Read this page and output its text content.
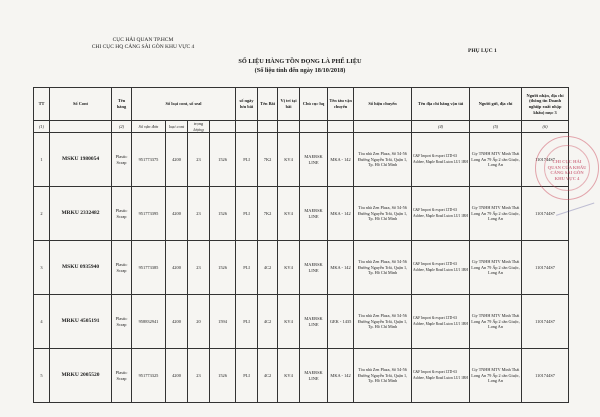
CỤC HẢI QUAN TP.HCM
CHI CỤC HQ CẢNG SÀI GÒN KHU VỰC 4
PHỤ LỤC 1
SỐ LIỆU HÀNG TỒN ĐỌNG LÀ PHẾ LIỆU
(Số liệu tính đến ngày 18/10/2018)
TT	Số Cont	Tên hàng	Số loại cont, số seal				số ngày lưu bãi	Tên Bãi	Vị trí tại bãi	Chủ cục hq	Tên tàu vận chuyển	Số hiệu chuyến	Tên địa chỉ hãng vận tải	Người gửi, địa chỉ	Người nhận, địa chỉ (thông tin Doanh nghiệp xuất nhập khẩu) mục 3	
(1)		(2)	Số vận đơn	loại cont	trọng lượng								(4)	(5)	(6)	
1	MSKU 1980054	Plastic Scrap	951773375	4200	23	1526	PLI	7K2	KV4	MAERSK LINE	MKA - 142	Tòa nhà Zen Plaza, Số 54-56 Đường Nguyễn Trãi, Quận 1, Tp. Hồ Chí Minh	C&F Import & export LTD-63 Ashbee, Maple Road Luton LU1 1BH	Cty TNHH MTV Minh Thái Long An 79 Ấp 2 cần Giuộc, Long An	1101744S7	
2	MRKU 2332482	Plastic Scrap	951773395	4200	23	1526	PLI	7K2	KV4	MAERSK LINE	MKA - 142	Tòa nhà Zen Plaza, Số 54-56 Đường Nguyễn Trãi, Quận 1, Tp. Hồ Chí Minh	C&F Import & export LTD-63 Ashbee, Maple Road Luton LU1 1BH	Cty TNHH MTV Minh Thái Long An 79 Ấp 2 cần Giuộc, Long An	1101744S7	
3	MSKU 0935940	Plastic Scrap	951773385	4200	23	1526	PLI	4C2	KV4	MAERSK LINE	MKA - 142	Tòa nhà Zen Plaza, Số 54-56 Đường Nguyễn Trãi, Quận 1, Tp. Hồ Chí Minh	C&F Import & export LTD-63 Ashbee, Maple Road Luton LU1 1BH	Cty TNHH MTV Minh Thái Long An 79 Ấp 2 cần Giuộc, Long An	1101744S7	
4	MRKU 4505191	Plastic Scrap	958832941	4200	20	1594	PLI	4C2	KV4	MAERSK LINE	GEK - 1435	Tòa nhà Zen Plaza, Số 54-56 Đường Nguyễn Trãi, Quận 1, Tp. Hồ Chí Minh	C&F Import & export LTD-63 Ashbee, Maple Road Luton LU1 1BH	Cty TNHH MTV Minh Thái Long An 79 Ấp 2 cần Giuộc, Long An	1101744S7	
5	MRKU 2005520	Plastic Scrap	951773325	4200	23	1526	PLI	4C2	KV4	MAERSK LINE	MKA - 142	Tòa nhà Zen Plaza, Số 54-56 Đường Nguyễn Trãi, Quận 1, Tp. Hồ Chí Minh	C&F Import & export LTD-63 Ashbee, Maple Road Luton LU1 1BH	Cty TNHH MTV Minh Thái Long An 79 Ấp 2 cần Giuộc, Long An	1101744S7	
CHI CỤC HẢI QUAN CỬA KHẨU CẢNG SÀI GÒN KHU VỰC 4
